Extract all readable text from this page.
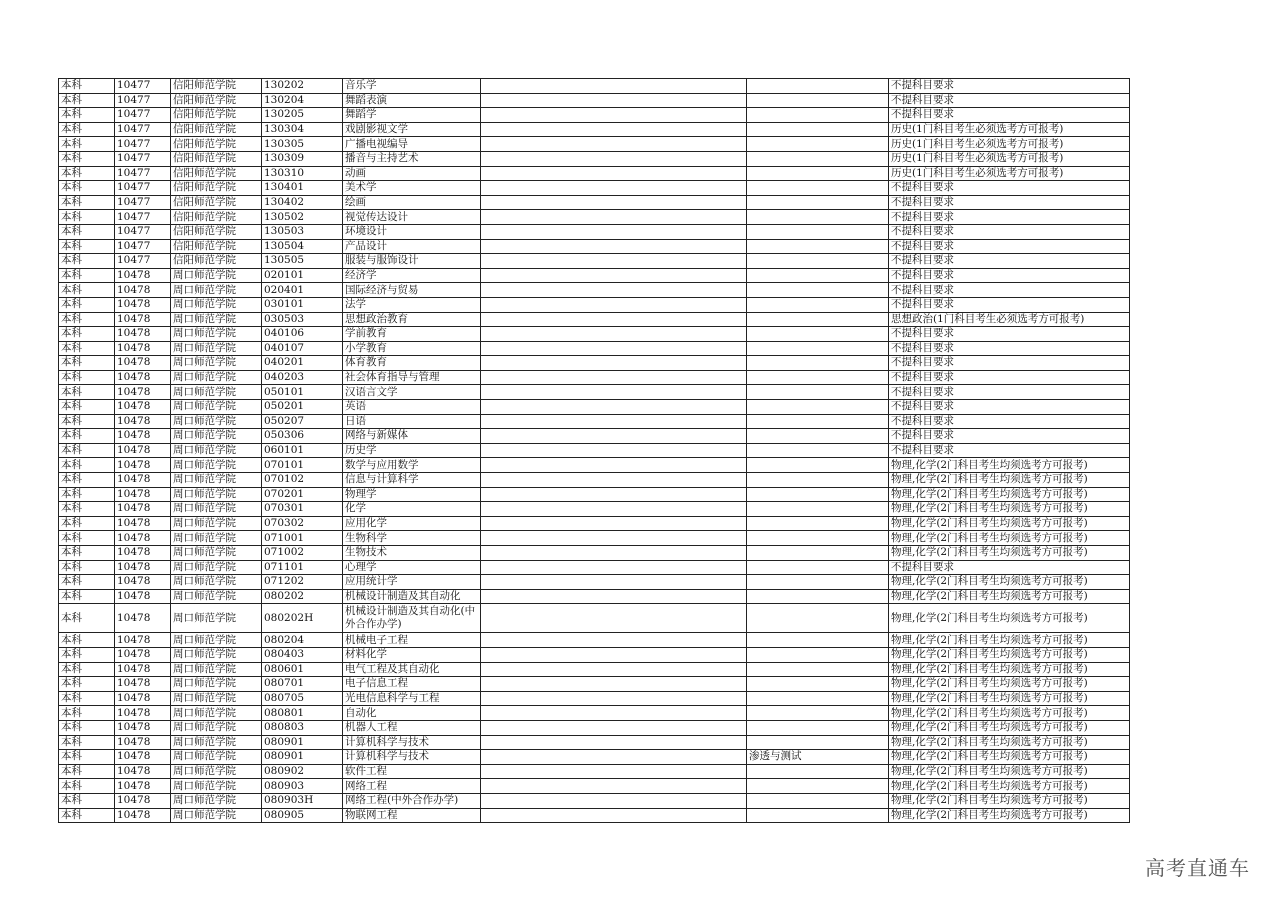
本科	10477	信阳师范学院	130202	音乐学			不提科目要求
本科	10477	信阳师范学院	130204	舞蹈表演			不提科目要求
本科	10477	信阳师范学院	130205	舞蹈学			不提科目要求
本科	10477	信阳师范学院	130304	戏剧影视文学			历史(1门科目考生必须选考方可报考)
本科	10477	信阳师范学院	130305	广播电视编导			历史(1门科目考生必须选考方可报考)
本科	10477	信阳师范学院	130309	播音与主持艺术			历史(1门科目考生必须选考方可报考)
本科	10477	信阳师范学院	130310	动画			历史(1门科目考生必须选考方可报考)
本科	10477	信阳师范学院	130401	美术学			不提科目要求
本科	10477	信阳师范学院	130402	绘画			不提科目要求
本科	10477	信阳师范学院	130502	视觉传达设计			不提科目要求
本科	10477	信阳师范学院	130503	环境设计			不提科目要求
本科	10477	信阳师范学院	130504	产品设计			不提科目要求
本科	10477	信阳师范学院	130505	服装与服饰设计			不提科目要求
本科	10478	周口师范学院	020101	经济学			不提科目要求
本科	10478	周口师范学院	020401	国际经济与贸易			不提科目要求
本科	10478	周口师范学院	030101	法学			不提科目要求
本科	10478	周口师范学院	030503	思想政治教育			思想政治(1门科目考生必须选考方可报考)
本科	10478	周口师范学院	040106	学前教育			不提科目要求
本科	10478	周口师范学院	040107	小学教育			不提科目要求
本科	10478	周口师范学院	040201	体育教育			不提科目要求
本科	10478	周口师范学院	040203	社会体育指导与管理			不提科目要求
本科	10478	周口师范学院	050101	汉语言文学			不提科目要求
本科	10478	周口师范学院	050201	英语			不提科目要求
本科	10478	周口师范学院	050207	日语			不提科目要求
本科	10478	周口师范学院	050306	网络与新媒体			不提科目要求
本科	10478	周口师范学院	060101	历史学			不提科目要求
本科	10478	周口师范学院	070101	数学与应用数学			物理,化学(2门科目考生均须选考方可报考)
本科	10478	周口师范学院	070102	信息与计算科学			物理,化学(2门科目考生均须选考方可报考)
本科	10478	周口师范学院	070201	物理学			物理,化学(2门科目考生均须选考方可报考)
本科	10478	周口师范学院	070301	化学			物理,化学(2门科目考生均须选考方可报考)
本科	10478	周口师范学院	070302	应用化学			物理,化学(2门科目考生均须选考方可报考)
本科	10478	周口师范学院	071001	生物科学			物理,化学(2门科目考生均须选考方可报考)
本科	10478	周口师范学院	071002	生物技术			物理,化学(2门科目考生均须选考方可报考)
本科	10478	周口师范学院	071101	心理学			不提科目要求
本科	10478	周口师范学院	071202	应用统计学			物理,化学(2门科目考生均须选考方可报考)
本科	10478	周口师范学院	080202	机械设计制造及其自动化			物理,化学(2门科目考生均须选考方可报考)
本科	10478	周口师范学院	080202H	机械设计制造及其自动化(中外合作办学)			物理,化学(2门科目考生均须选考方可报考)
本科	10478	周口师范学院	080204	机械电子工程			物理,化学(2门科目考生均须选考方可报考)
本科	10478	周口师范学院	080403	材料化学			物理,化学(2门科目考生均须选考方可报考)
本科	10478	周口师范学院	080601	电气工程及其自动化			物理,化学(2门科目考生均须选考方可报考)
本科	10478	周口师范学院	080701	电子信息工程			物理,化学(2门科目考生均须选考方可报考)
本科	10478	周口师范学院	080705	光电信息科学与工程			物理,化学(2门科目考生均须选考方可报考)
本科	10478	周口师范学院	080801	自动化			物理,化学(2门科目考生均须选考方可报考)
本科	10478	周口师范学院	080803	机器人工程			物理,化学(2门科目考生均须选考方可报考)
本科	10478	周口师范学院	080901	计算机科学与技术			物理,化学(2门科目考生均须选考方可报考)
本科	10478	周口师范学院	080901	计算机科学与技术		渗透与测试	物理,化学(2门科目考生均须选考方可报考)
本科	10478	周口师范学院	080902	软件工程			物理,化学(2门科目考生均须选考方可报考)
本科	10478	周口师范学院	080903	网络工程			物理,化学(2门科目考生均须选考方可报考)
本科	10478	周口师范学院	080903H	网络工程(中外合作办学)			物理,化学(2门科目考生均须选考方可报考)
本科	10478	周口师范学院	080905	物联网工程			物理,化学(2门科目考生均须选考方可报考)
高考直通车
